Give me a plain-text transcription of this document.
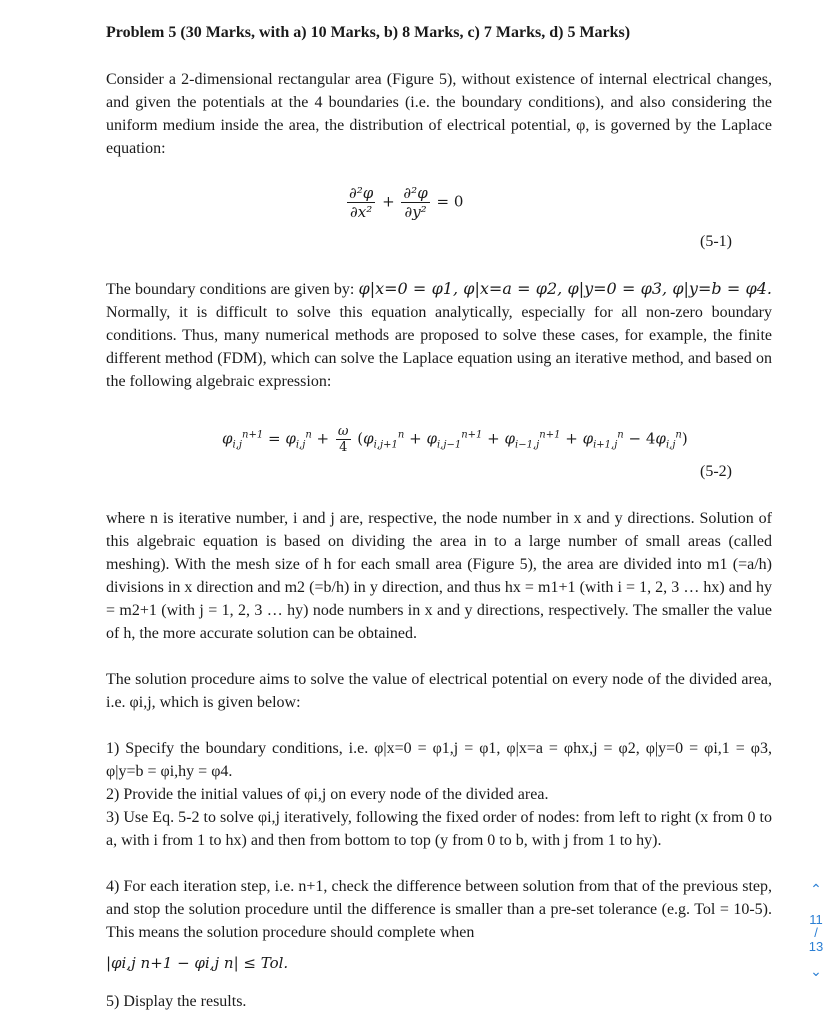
Problem 5 (30 Marks, with a) 10 Marks, b) 8 Marks, c) 7 Marks, d) 5 Marks)

Consider a 2-dimensional rectangular area (Figure 5), without existence of internal electrical changes, and given the potentials at the 4 boundaries (i.e. the boundary conditions), and also considering the uniform medium inside the area, the distribution of electrical potential, φ, is governed by the Laplace equation:

$\frac{\text{∂²φ}}{\text{∂x²}} + \frac{\text{∂²φ}}{\text{∂y²}} = 0$
(5-1)

The boundary conditions are given by: φ|x=0 = φ1, φ|x=a = φ2, φ|y=0 = φ3, φ|y=b = φ4. Normally, it is difficult to solve this equation analytically, especially for all non-zero boundary conditions. Thus, many numerical methods are proposed to solve these cases, for example, the finite different method (FDM), which can solve the Laplace equation using an iterative method, and based on the following algebraic expression:

$\varphi_{i,j}^{n+1} = \varphi_{i,j}^n + \frac{\omega}{4} (\varphi_{i,j+1}^n + \varphi_{i,j-1}^{n+1} + \varphi_{i-1,j}^{n+1} + \varphi_{i+1,j}^n - 4\varphi_{i,j}^n)$
(5-2)

where n is iterative number, i and j are, respective, the node number in x and y directions. Solution of this algebraic equation is based on dividing the area in to a large number of small areas (called meshing). With the mesh size of h for each small area (Figure 5), the area are divided into m1 (=a/h) divisions in x direction and m2 (=b/h) in y direction, and thus hx = m1+1 (with i = 1, 2, 3 … hx) and hy = m2+1 (with j = 1, 2, 3 … hy) node numbers in x and y directions, respectively. The smaller the value of h, the more accurate solution can be obtained.

The solution procedure aims to solve the value of electrical potential on every node of the divided area, i.e. φi,j, which is given below:

1) Specify the boundary conditions, i.e. φ|x=0 = φ1,j = φ1, φ|x=a = φhx,j = φ2, φ|y=0 = φi,1 = φ3, φ|y=b = φi,hy = φ4.

2) Provide the initial values of φi,j on every node of the divided area.

3) Use Eq. 5-2 to solve φi,j iteratively, following the fixed order of nodes: from left to right (x from 0 to a, with i from 1 to hx) and then from bottom to top (y from 0 to b, with j from 1 to hy).

4) For each iteration step, i.e. n+1, check the difference between solution from that of the previous step, and stop the solution procedure until the difference is smaller than a pre-set tolerance (e.g. Tol = 10-5). This means the solution procedure should complete when

|φi,j n+1 − φi,j n| ≤ Tol.

5) Display the results.

⌃
11
/
13
⌄
